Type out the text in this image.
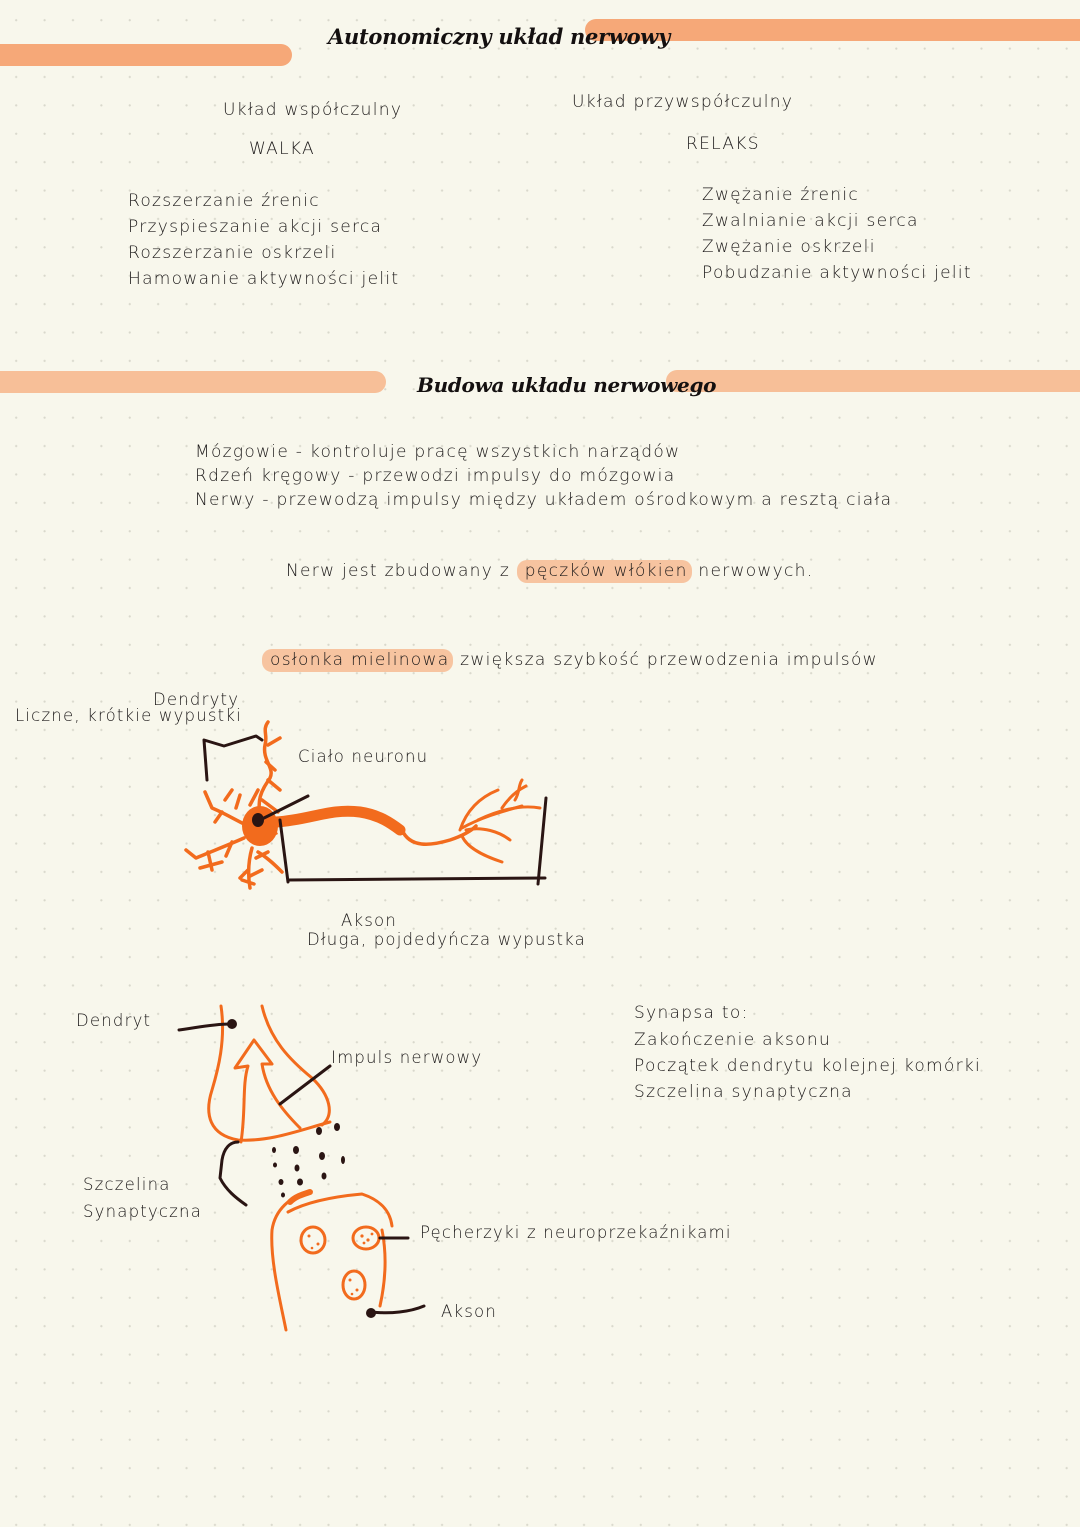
Autonomiczny układ nerwowy
Układ współczulny
WALKA
Rozszerzanie źrenic
Przyspieszanie akcji serca
Rozszerzanie oskrzeli
Hamowanie aktywności jelit
Układ przywspółczulny
RELAKS
Zwężanie źrenic
Zwalnianie akcji serca
Zwężanie oskrzeli
Pobudzanie aktywności jelit
Budowa układu nerwowego
Mózgowie - kontroluje pracę wszystkich narządów
Rdzeń kręgowy - przewodzi impulsy do mózgowia
Nerwy - przewodzą impulsy między układem ośrodkowym a resztą ciała
Nerw jest zbudowany z pęczków włókien nerwowych.
osłonka mielinowa zwiększa szybkość przewodzenia impulsów
Dendryty
Liczne, krótkie wypustki
Ciało neuronu
Akson
Długa, pojdedyńcza wypustka
Dendryt
Impuls nerwowy
Szczelina
Synaptyczna
Pęcherzyki z neuroprzekaźnikami
Akson
Synapsa to:
Zakończenie aksonu
Początek dendrytu kolejnej komórki
Szczelina synaptyczna
